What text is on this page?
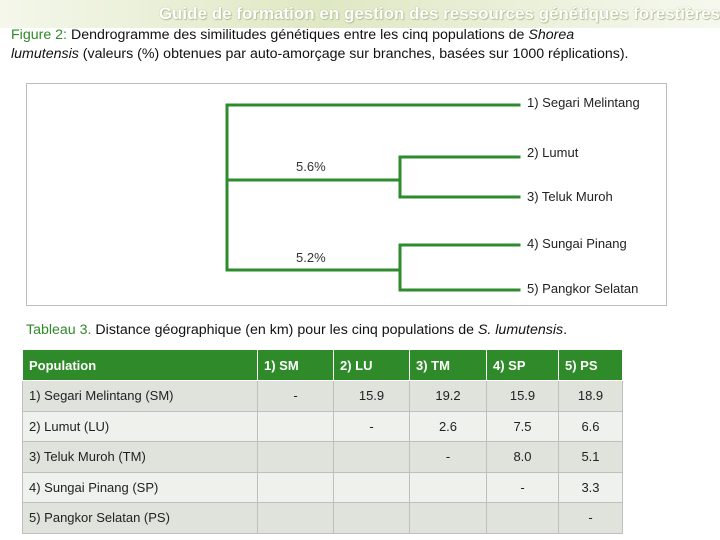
Guide de formation en gestion des ressources génétiques forestières
Figure 2: Dendrogramme des similitudes génétiques entre les cinq populations de Shorea
lumutensis (valeurs (%) obtenues par auto-amorçage sur branches, basées sur 1000 réplications).
1) Segari Melintang
2) Lumut
3) Teluk Muroh
4) Sungai Pinang
5) Pangkor Selatan
5.6%
5.2%
Tableau 3. Distance géographique (en km) pour les cinq populations de S. lumutensis.
Population	1) SM	2) LU	3) TM	4) SP	5) PS
1) Segari Melintang (SM)	-	15.9	19.2	15.9	18.9
2) Lumut (LU)		-	2.6	7.5	6.6
3) Teluk Muroh (TM)			-	8.0	5.1
4) Sungai Pinang (SP)				-	3.3
5) Pangkor Selatan (PS)					-
